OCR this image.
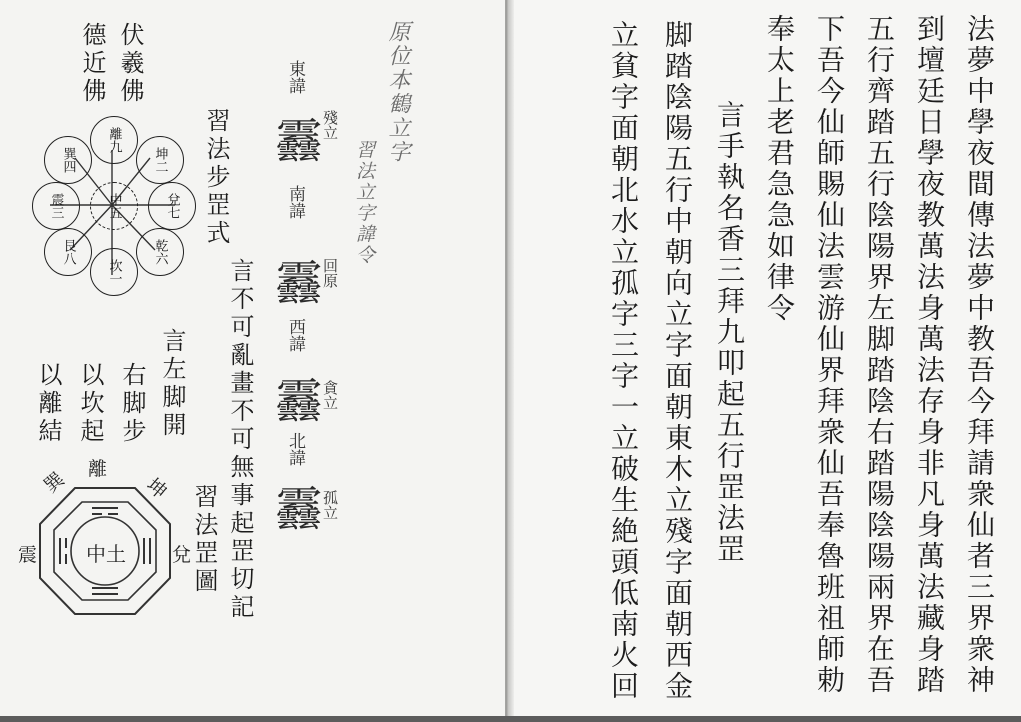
法夢中學夜間傳法夢中教吾今拜請衆仙者三界衆神
到壇廷日學夜教萬法身萬法存身非凡身萬法藏身踏
五行齊踏五行陰陽界左脚踏陰右踏陽陰陽兩界在吾
下吾今仙師賜仙法雲游仙界拜衆仙吾奉魯班祖師勅
奉太上老君急急如律令
言手執名香三拜九叩起五行罡法罡
脚踏陰陽五行中朝向立字面朝東木立殘字面朝西金
立貧字面朝北水立孤字三字一立破生絶頭低南火回
原位本鶴立字
習法立字諱令
東諱
䨺 殘立
南諱
䨺 回原
西諱
䨺 貪立
北諱
䨺 孤立
習法步罡式
言不可亂畫不可無事起罡切記
習法罡圖
言左脚開
右脚步
以坎起
以離結
伏羲佛
德近佛
離九
坤二
兌七
乾六
坎一
艮八
震三
巽四
中五
離
巽	坤
震	兌
中土
